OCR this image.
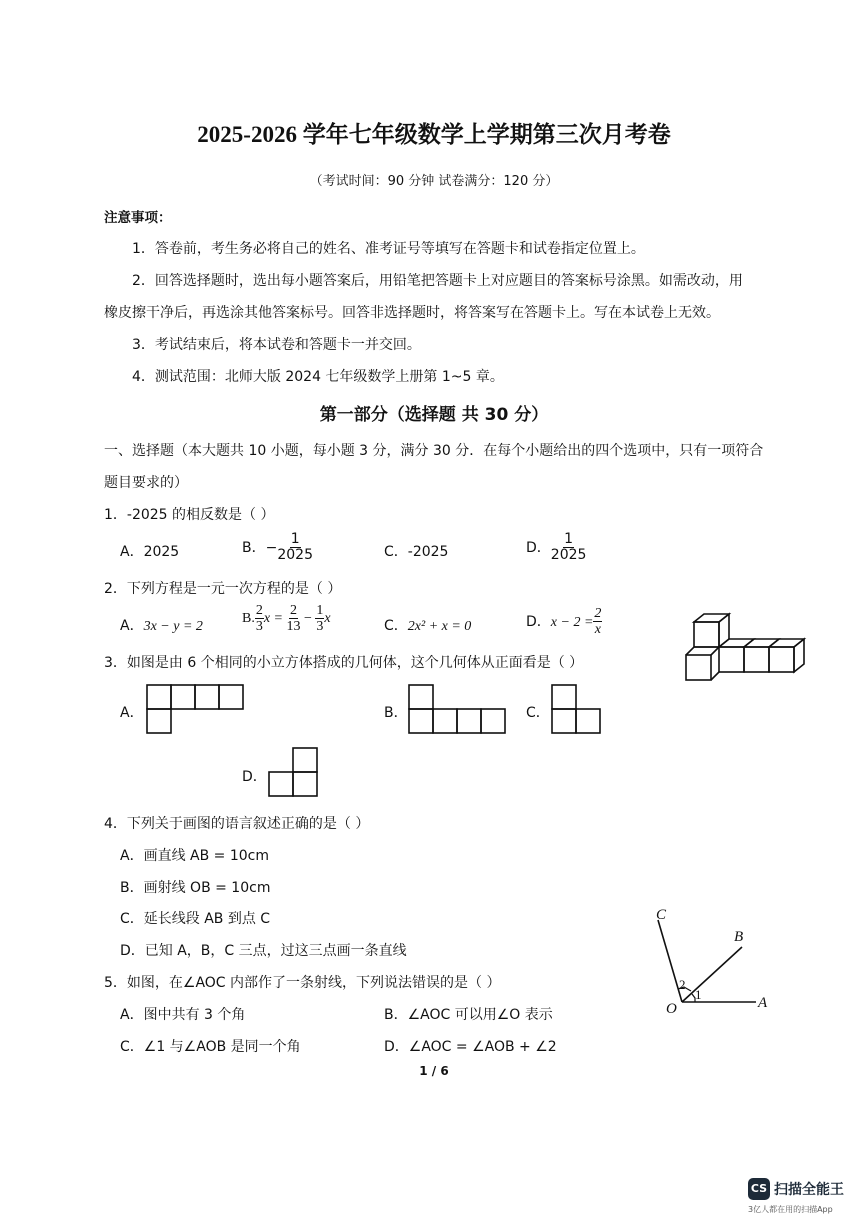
2025-2026 学年七年级数学上学期第三次月考卷
（考试时间：90 分钟 试卷满分：120 分）
注意事项：
1．答卷前，考生务必将自己的姓名、准考证号等填写在答题卡和试卷指定位置上。
2．回答选择题时，选出每小题答案后，用铅笔把答题卡上对应题目的答案标号涂黑。如需改动，用
橡皮擦干净后，再选涂其他答案标号。回答非选择题时，将答案写在答题卡上。写在本试卷上无效。
3．考试结束后，将本试卷和答题卡一并交回。
4．测试范围：北师大版 2024 七年级数学上册第 1~5 章。
第一部分（选择题 共 30 分）
一、选择题（本大题共 10 小题，每小题 3 分，满分 30 分．在每个小题给出的四个选项中，只有一项符合
题目要求的）
1．-2025 的相反数是（ ）
A．2025	B．− $\frac{1}{2025}$	C．-2025	D． $\frac{1}{2025}$
2．下列方程是一元一次方程的是（ ）
A．3x − y = 2
B. $\frac{2}{3}$ $x = \frac{2}{13} - \frac{1}{3}$ x	C．2x² + x = 0	D．$x - 2 = \frac{2}{x}$
3．如图是由 6 个相同的小立方体搭成的几何体，这个几何体从正面看是（ ）
A．	B．	C．
D．
4．下列关于画图的语言叙述正确的是（ ）
A．画直线 AB = 10cm
B．画射线 OB = 10cm
C．延长线段 AB 到点 C
D．已知 A，B，C 三点，过这三点画一条直线
C
B
O	A
1
2
5．如图，在∠AOC 内部作了一条射线，下列说法错误的是（ ）
A．图中共有 3 个角	B．∠AOC 可以用∠O 表示
C．∠1 与∠AOB 是同一个角	D．∠AOC = ∠AOB + ∠2
1 / 6
CS 扫描全能王
3亿人都在用的扫描App
